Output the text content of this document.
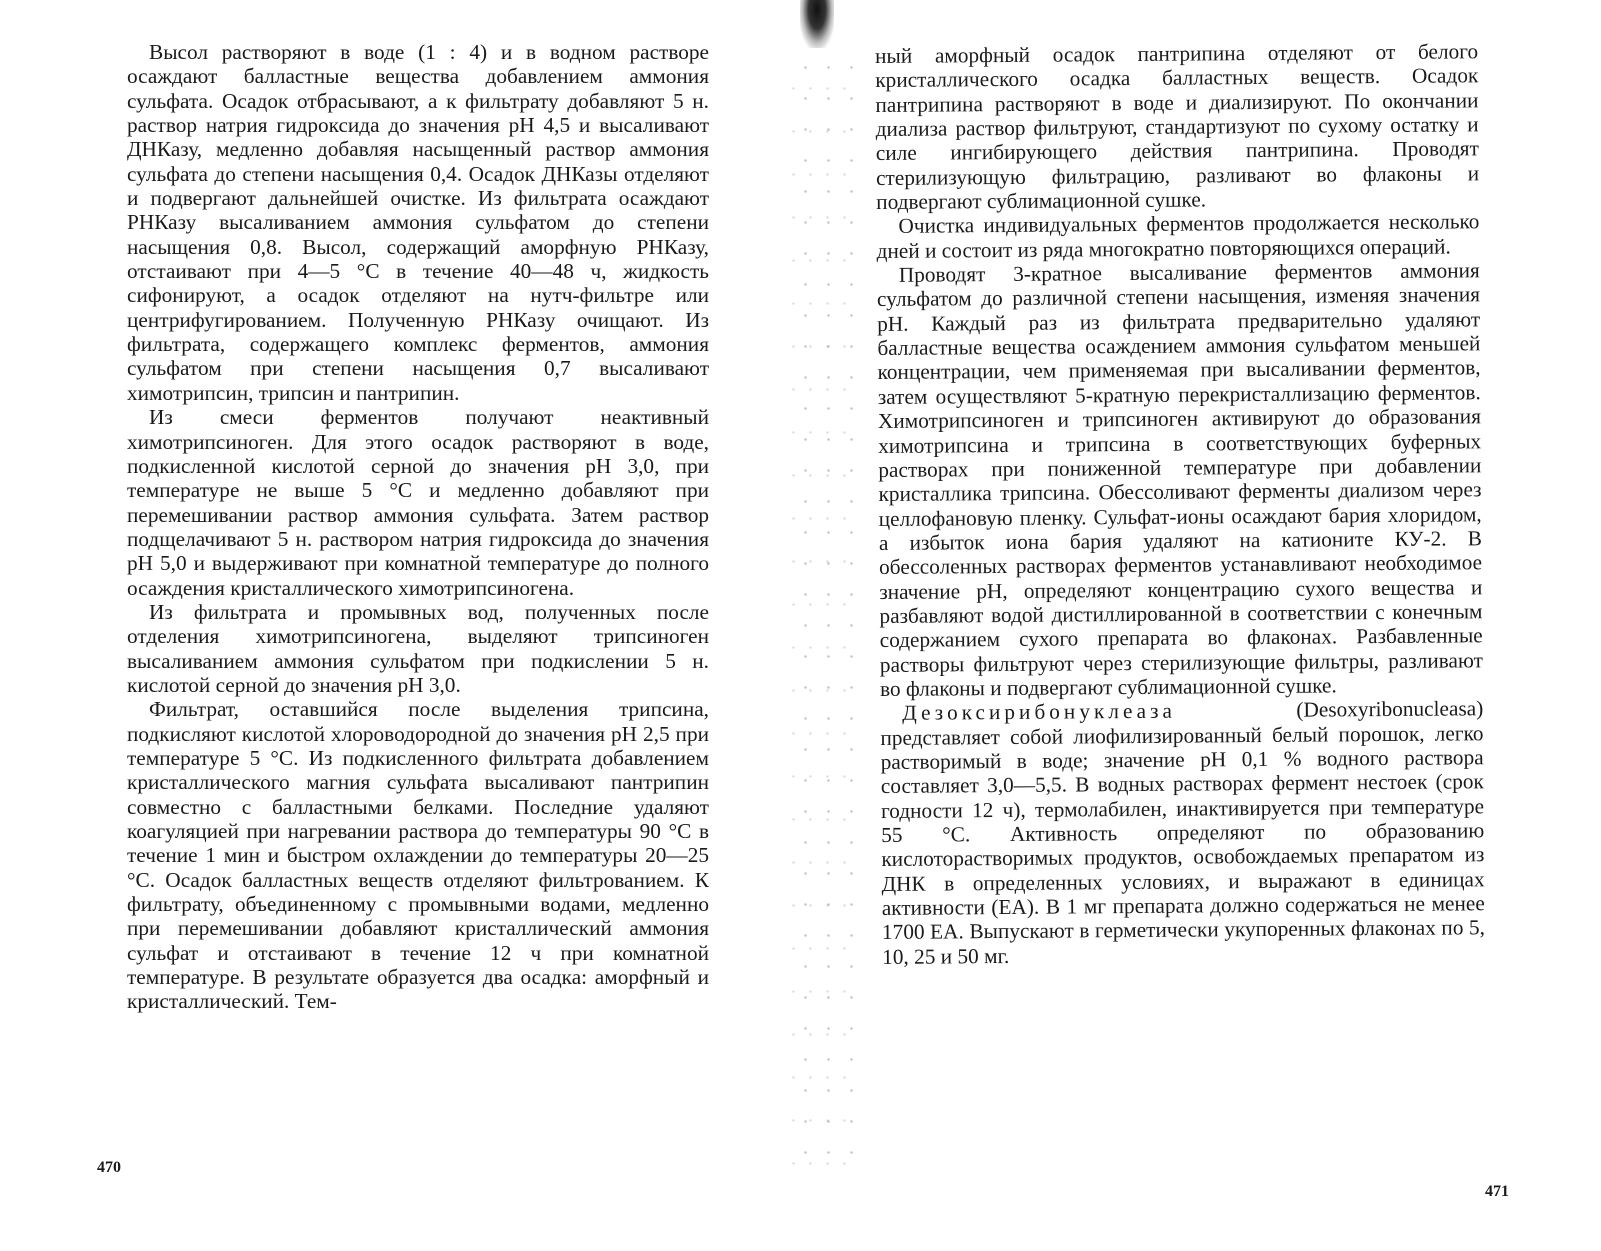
Высол растворяют в воде (1 : 4) и в водном растворе осаждают балластные вещества добавлением аммония сульфата. Осадок отбрасывают, а к фильтрату добавляют 5 н. раствор натрия гидроксида до значения pH 4,5 и высаливают ДНКазу, медленно добавляя насыщенный раствор аммония сульфата до степени насыщения 0,4. Осадок ДНКазы отделяют и подвергают дальнейшей очистке. Из фильтрата осаждают РНКазу высаливанием аммония сульфатом до степени насыщения 0,8. Высол, содержащий аморфную РНКазу, отстаивают при 4—5 °С в течение 40—48 ч, жидкость сифонируют, а осадок отделяют на нутч-фильтре или центрифугированием. Полученную РНКазу очищают. Из фильтрата, содержащего комплекс ферментов, аммония сульфатом при степени насыщения 0,7 высаливают химотрипсин, трипсин и пантрипин.

Из смеси ферментов получают неактивный химотрипсиноген. Для этого осадок растворяют в воде, подкисленной кислотой серной до значения pH 3,0, при температуре не выше 5 °С и медленно добавляют при перемешивании раствор аммония сульфата. Затем раствор подщелачивают 5 н. раствором натрия гидроксида до значения pH 5,0 и выдерживают при комнатной температуре до полного осаждения кристаллического химотрипсиногена.

Из фильтрата и промывных вод, полученных после отделения химотрипсиногена, выделяют трипсиноген высаливанием аммония сульфатом при подкислении 5 н. кислотой серной до значения pH 3,0.

Фильтрат, оставшийся после выделения трипсина, подкисляют кислотой хлороводородной до значения pH 2,5 при температуре 5 °С. Из подкисленного фильтрата добавлением кристаллического магния сульфата высаливают пантрипин совместно с балластными белками. Последние удаляют коагуляцией при нагревании раствора до температуры 90 °С в течение 1 мин и быстром охлаждении до температуры 20—25 °С. Осадок балластных веществ отделяют фильтрованием. К фильтрату, объединенному с промывными водами, медленно при перемешивании добавляют кристаллический аммония сульфат и отстаивают в течение 12 ч при комнатной температуре. В результате образуется два осадка: аморфный и кристаллический. Тем-

470

ный аморфный осадок пантрипина отделяют от белого кристаллического осадка балластных веществ. Осадок пантрипина растворяют в воде и диализируют. По окончании диализа раствор фильтруют, стандартизуют по сухому остатку и силе ингибирующего действия пантрипина. Проводят стерилизующую фильтрацию, разливают во флаконы и подвергают сублимационной сушке.

Очистка индивидуальных ферментов продолжается несколько дней и состоит из ряда многократно повторяющихся операций.

Проводят 3-кратное высаливание ферментов аммония сульфатом до различной степени насыщения, изменяя значения pH. Каждый раз из фильтрата предварительно удаляют балластные вещества осаждением аммония сульфатом меньшей концентрации, чем применяемая при высаливании ферментов, затем осуществляют 5-кратную перекристаллизацию ферментов. Химотрипсиноген и трипсиноген активируют до образования химотрипсина и трипсина в соответствующих буферных растворах при пониженной температуре при добавлении кристаллика трипсина. Обессоливают ферменты диализом через целлофановую пленку. Сульфат-ионы осаждают бария хлоридом, а избыток иона бария удаляют на катионите КУ-2. В обессоленных растворах ферментов устанавливают необходимое значение pH, определяют концентрацию сухого вещества и разбавляют водой дистиллированной в соответствии с конечным содержанием сухого препарата во флаконах. Разбавленные растворы фильтруют через стерилизующие фильтры, разливают во флаконы и подвергают сублимационной сушке.

Дезоксирибонуклеаза	(Desoxyribonucleasa) представляет собой лиофилизированный белый порошок, легко растворимый в воде; значение pH 0,1 % водного раствора составляет 3,0—5,5. В водных растворах фермент нестоек (срок годности 12 ч), термолабилен, инактивируется при температуре 55 °С. Активность определяют по образованию кислоторастворимых продуктов, освобождаемых препаратом из ДНК в определенных условиях, и выражают в единицах активности (ЕА). В 1 мг препарата должно содержаться не менее 1700 ЕА. Выпускают в герметически укупоренных флаконах по 5, 10, 25 и 50 мг.

471
